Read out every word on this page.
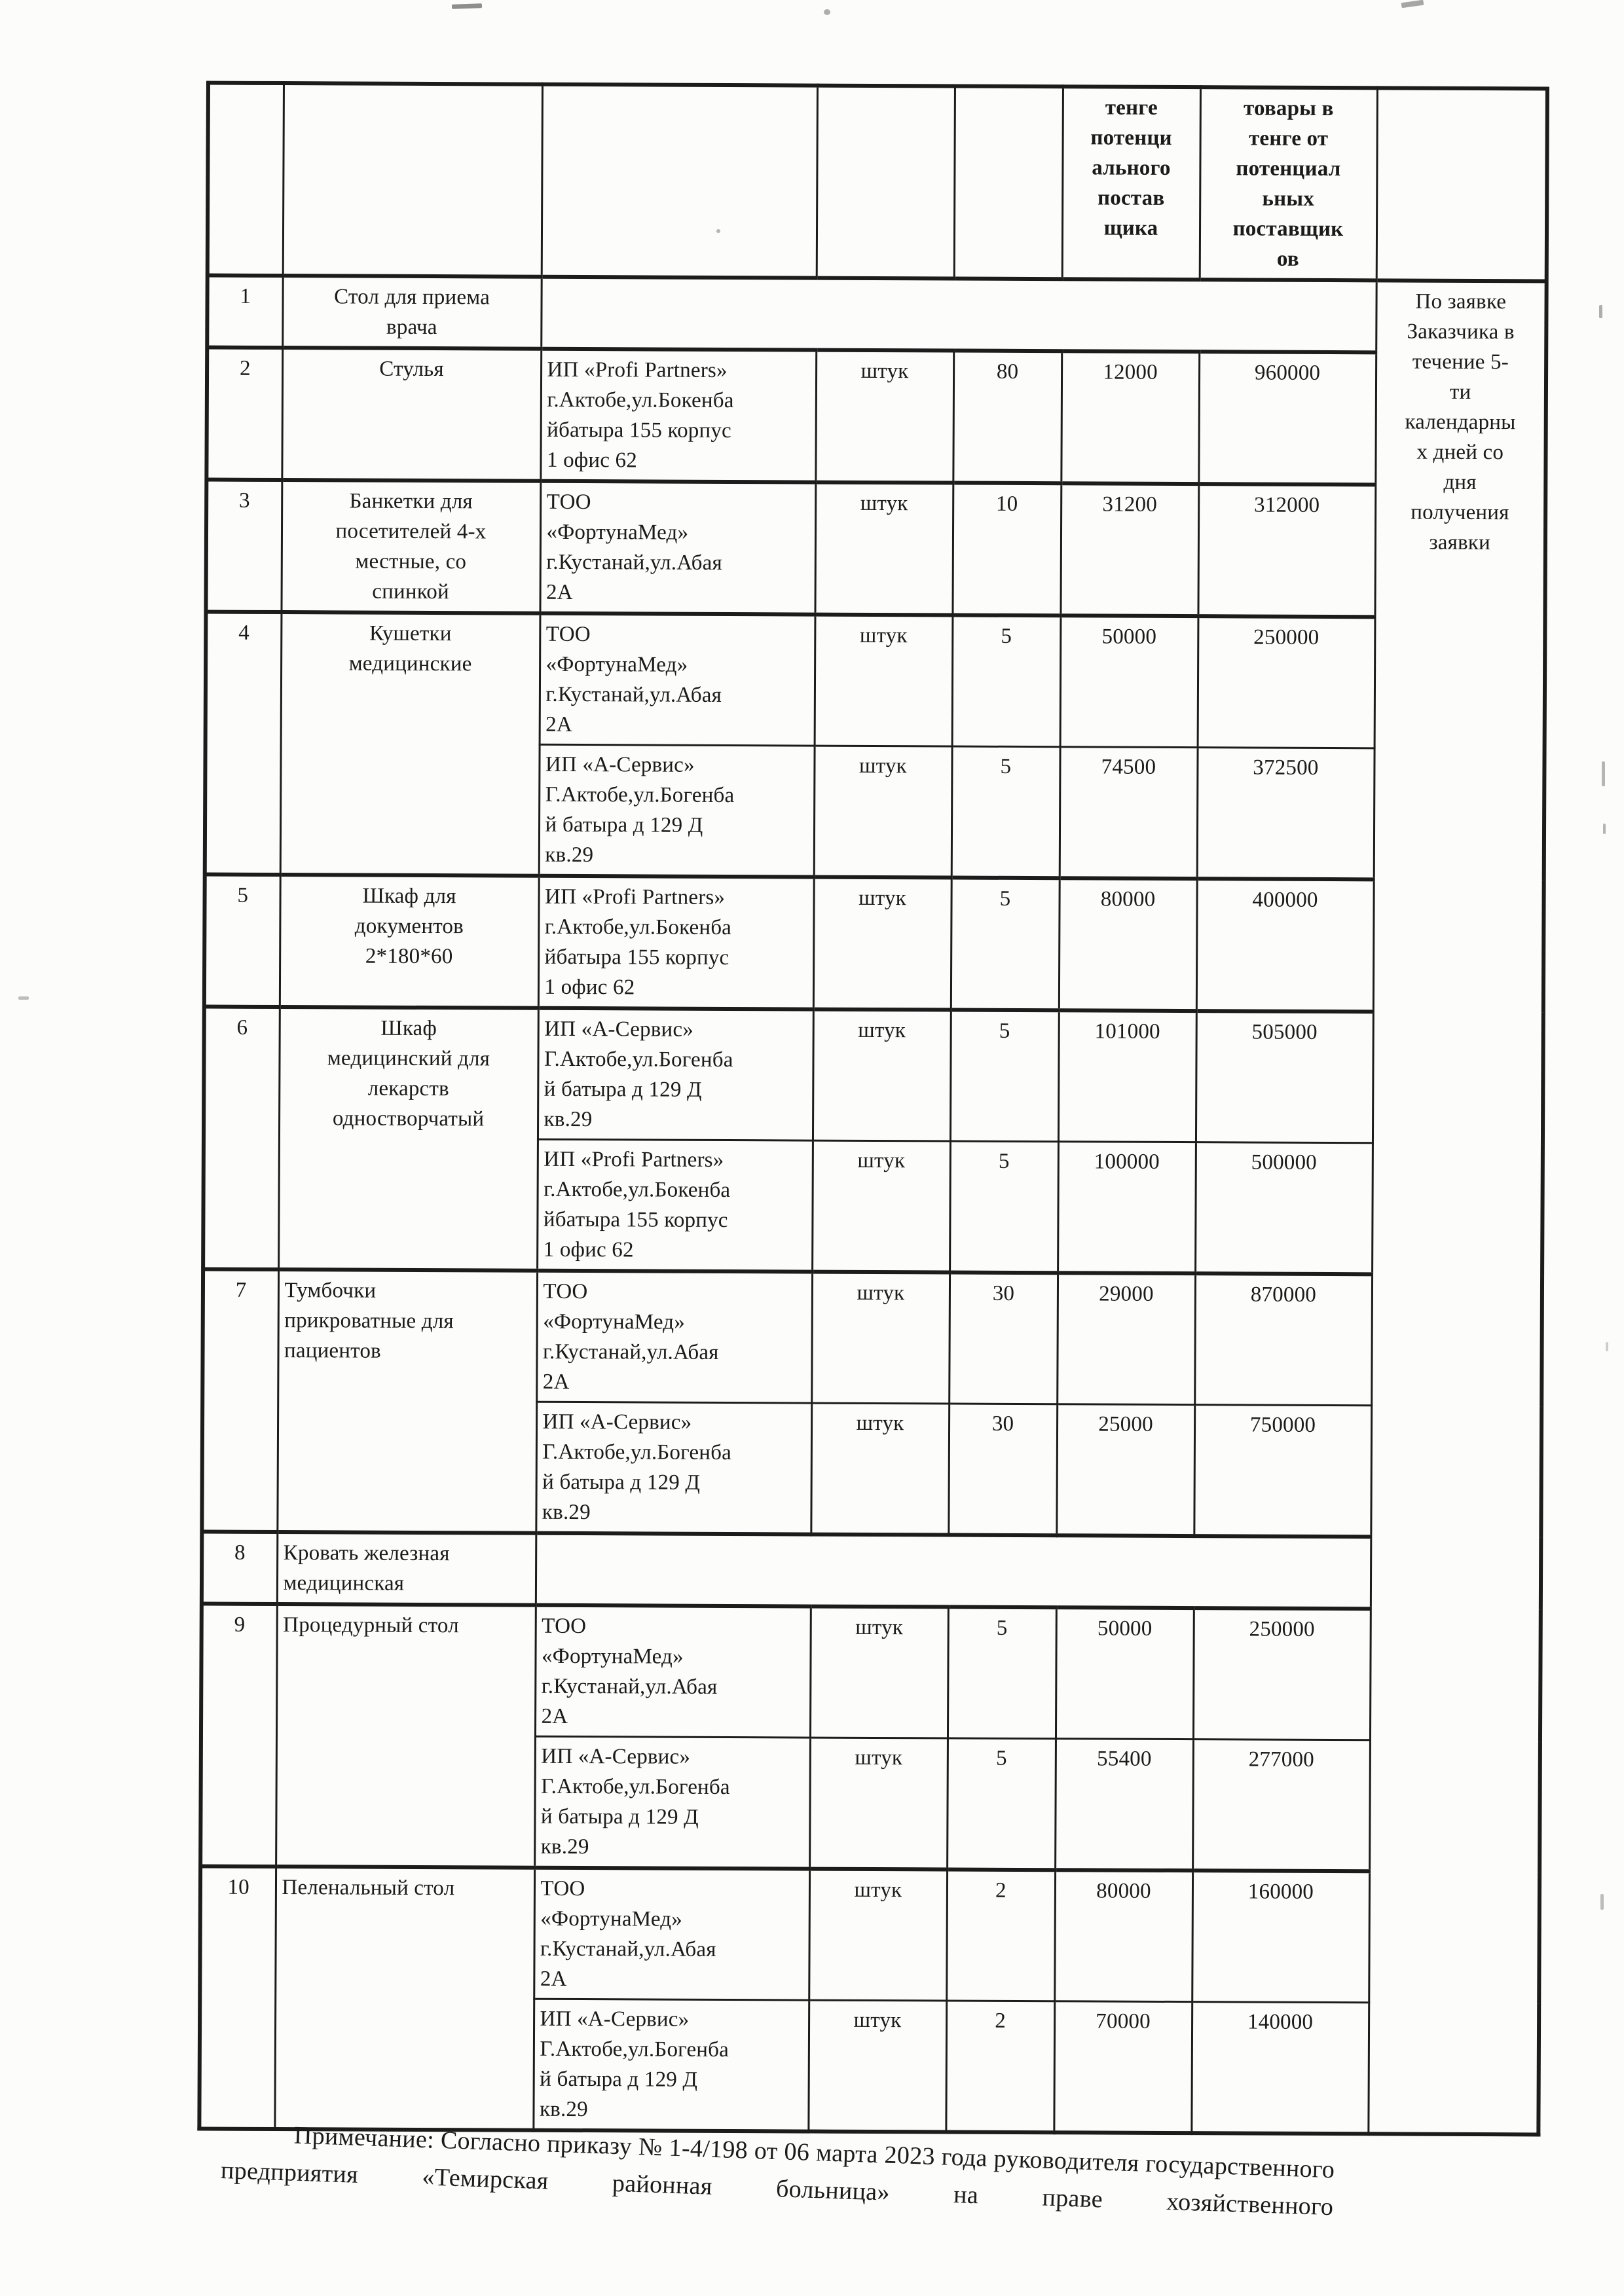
					тенге
потенци
ального
постав
щика	товары в
тенге от
потенциал
ьных
поставщик
ов	
1	Стол для приема
врача		По заявке
Заказчика в
течение 5-
ти
календарны
х дней со
дня
получения
заявки
2	Стулья	ИП «Profi Partners»
г.Актобе,ул.Бокенба
йбатыра 155 корпус
1 офис 62	штук	80	12000	960000	
3	Банкетки для
посетителей 4-х
местные, со
спинкой	ТОО
«ФортунаМед»
г.Кустанай,ул.Абая
2А	штук	10	31200	312000	
4	Кушетки
медицинские	ТОО
«ФортунаМед»
г.Кустанай,ул.Абая
2А	штук	5	50000	250000	
		ИП «А-Сервис»
Г.Актобе,ул.Богенба
й батыра д 129 Д
кв.29	штук	5	74500	372500	
5	Шкаф для
документов
2*180*60	ИП «Profi Partners»
г.Актобе,ул.Бокенба
йбатыра 155 корпус
1 офис 62	штук	5	80000	400000	
6	Шкаф
медицинский для
лекарств
одностворчатый	ИП «А-Сервис»
Г.Актобе,ул.Богенба
й батыра д 129 Д
кв.29	штук	5	101000	505000	
		ИП «Profi Partners»
г.Актобе,ул.Бокенба
йбатыра 155 корпус
1 офис 62	штук	5	100000	500000	
7	Тумбочки
прикроватные для
пациентов	ТОО
«ФортунаМед»
г.Кустанай,ул.Абая
2А	штук	30	29000	870000	
		ИП «А-Сервис»
Г.Актобе,ул.Богенба
й батыра д 129 Д
кв.29	штук	30	25000	750000	
8	Кровать железная
медицинская						
9	Процедурный стол	ТОО
«ФортунаМед»
г.Кустанай,ул.Абая
2А	штук	5	50000	250000	
		ИП «А-Сервис»
Г.Актобе,ул.Богенба
й батыра д 129 Д
кв.29	штук	5	55400	277000	
10	Пеленальный стол	ТОО
«ФортунаМед»
г.Кустанай,ул.Абая
2А	штук	2	80000	160000	
		ИП «А-Сервис»
Г.Актобе,ул.Богенба
й батыра д 129 Д
кв.29	штук	2	70000	140000	
Примечание: Согласно приказу № 1-4/198 от 06 марта 2023 года руководителя государственного предприятия «Темирская районная больница» на праве хозяйственного
